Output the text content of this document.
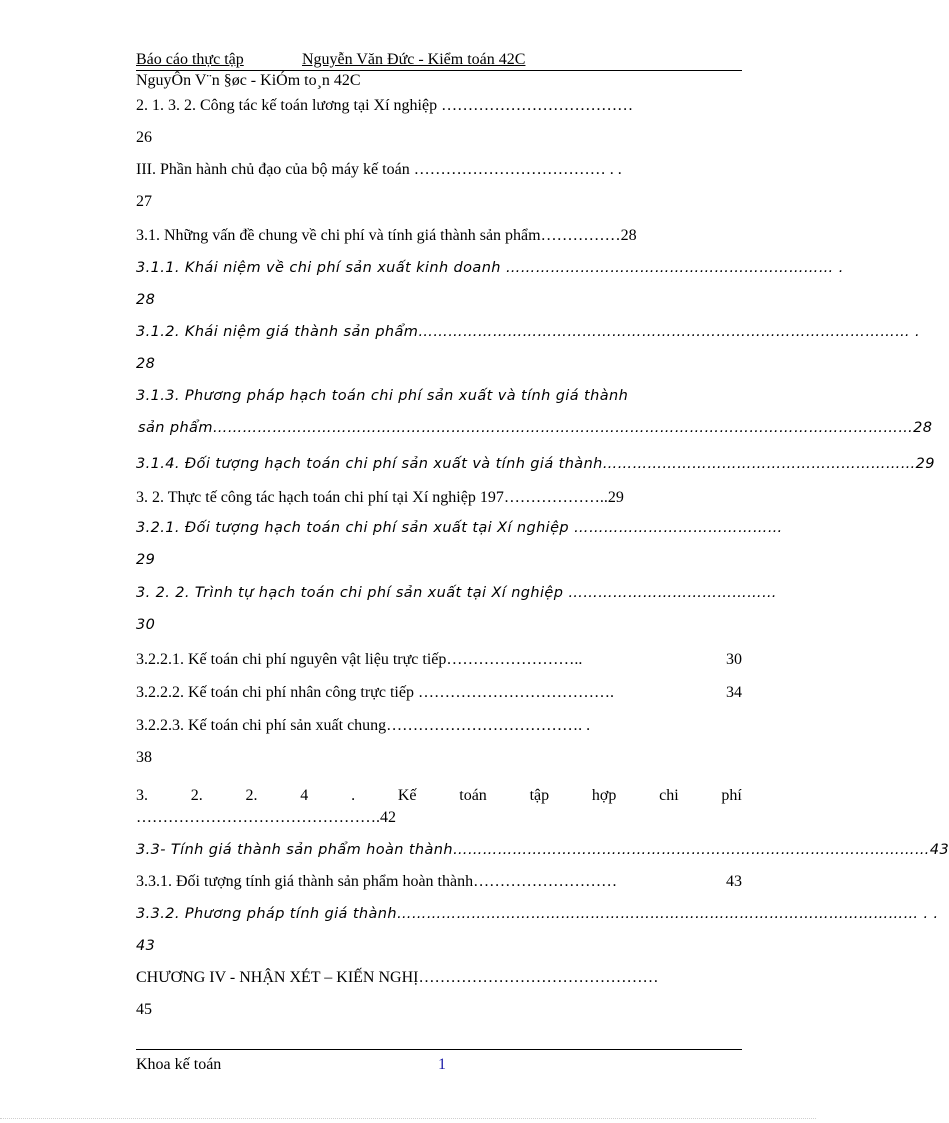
Báo cáo thực tập	Nguyễn Văn Đức - Kiểm toán 42C
NguyÔn V¨n §øc - KiÓm to¸n 42C
2. 1. 3. 2. Công tác kế toán lương tại Xí nghiệp ………………………………
26
III. Phần hành chủ đạo của bộ máy kế toán ……………………………… . .
27
3.1. Những vấn đề chung về chi phí và tính giá thành sản phẩm…………… 28
3.1.1. Khái niệm về chi phí sản xuất kinh doanh ………………………………………………………… .
28
3.1.2. Khái niệm giá thành sản phẩm……………………………………………………………………………………… .
28
3.1.3. Phương pháp hạch toán chi phí sản xuất và tính giá thành
sản phẩm …………………………………………………………………………………………………………………………… 28
3.1.4. Đối tượng hạch toán chi phí sản xuất và tính giá thành ……………………………………………………… 29
3. 2. Thực tế công tác hạch toán chi phí tại Xí nghiệp 197……………….. 29
3.2.1. Đối tượng hạch toán chi phí sản xuất tại Xí nghiệp ……………………………………
29
3. 2. 2. Trình tự hạch toán chi phí sản xuất tại Xí nghiệp ……………………………………
30
3.2.2.1. Kế toán chi phí nguyên vật liệu trực tiếp……………………..	30
3.2.2.2. Kế toán chi phí nhân công trực tiếp ……………………………….	34
3.2.2.3. Kế toán chi phí sản xuất chung………………………………. .
38
3.	2.	2.	4	.	Kế	toán	tập	hợp	chi	phí
……………………………………….42
3.3- Tính giá thành sản phẩm hoàn thành …………………………………………………………………………………… 43
3.3.1. Đối tượng tính giá thành sản phẩm hoàn thành………………………	43
3.3.2. Phương pháp tính giá thành…………………………………………………………………………………………… . .
43
CHƯƠNG IV - NHẬN XÉT – KIẾN NGHỊ………………………………………
45
Khoa kế toán	1
